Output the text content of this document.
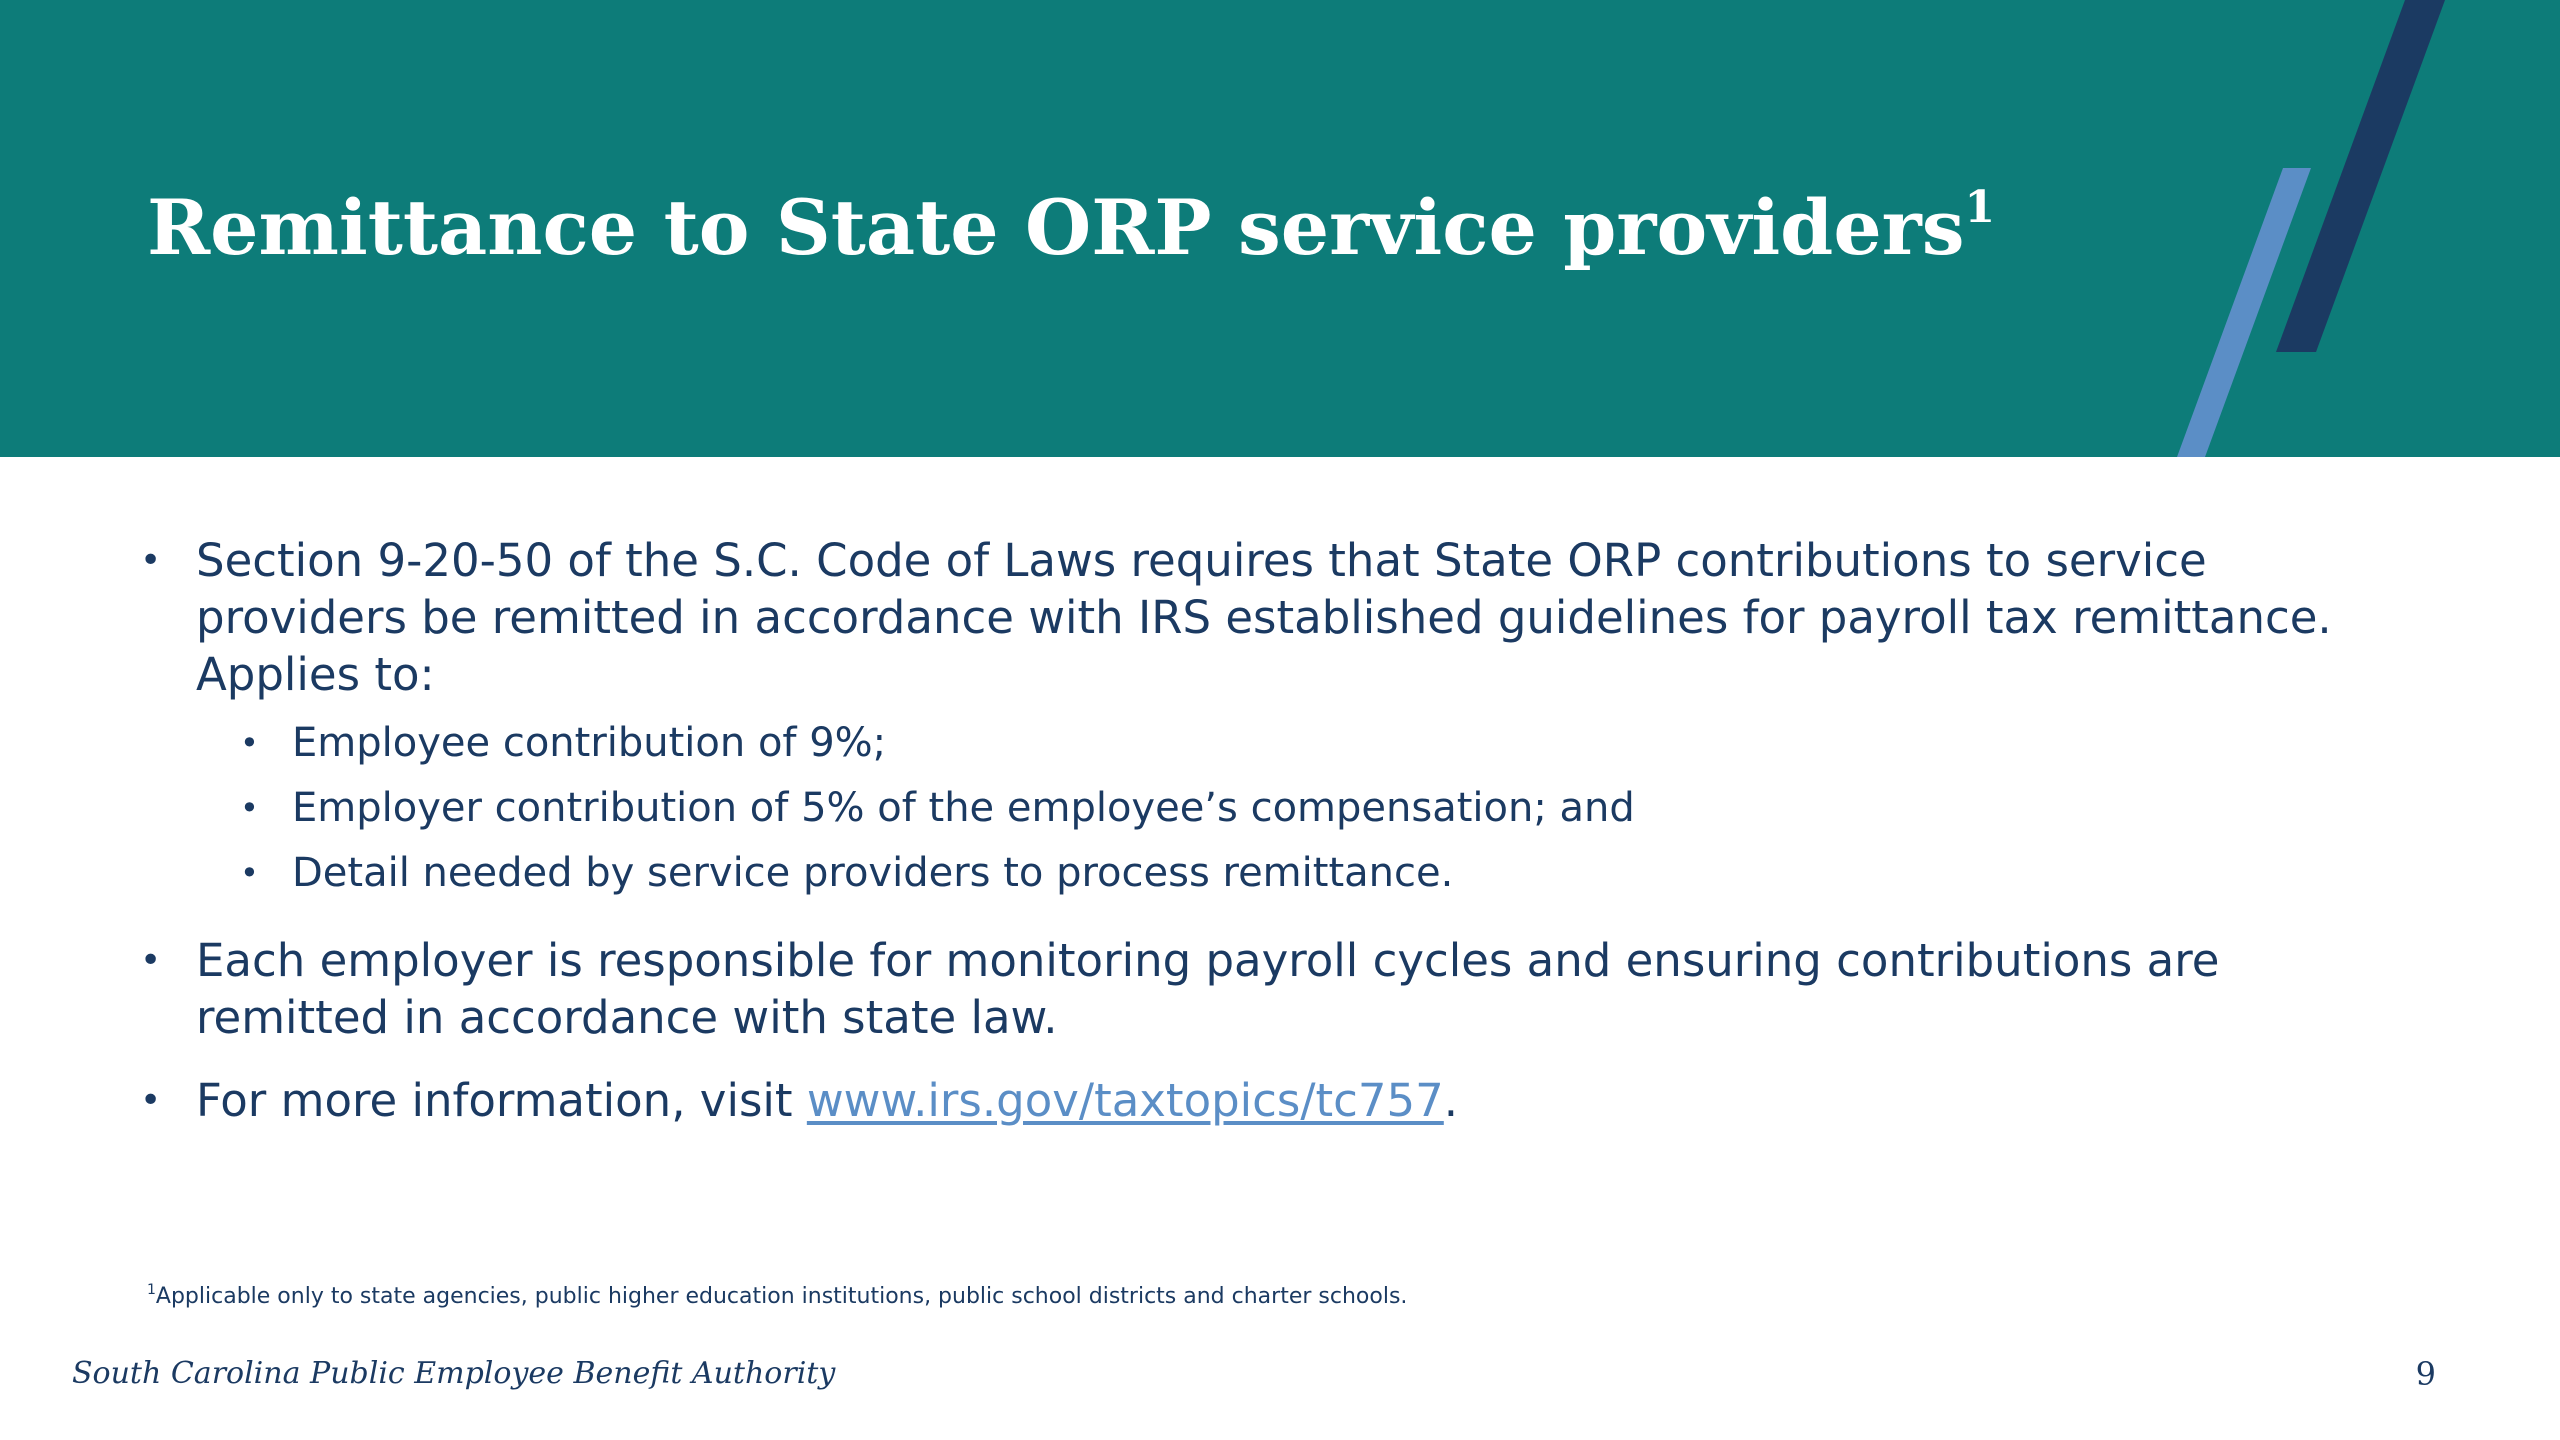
Remittance to State ORP service providers$^1$
• Section 9-20-50 of the S.C. Code of Laws requires that State ORP contributions to service providers be remitted in accordance with IRS established guidelines for payroll tax remittance. Applies to:
• Employee contribution of 9%;
• Employer contribution of 5% of the employee’s compensation; and
• Detail needed by service providers to process remittance.
• Each employer is responsible for monitoring payroll cycles and ensuring contributions are remitted in accordance with state law.
• For more information, visit www.irs.gov/taxtopics/tc757.
$^1$Applicable only to state agencies, public higher education institutions, public school districts and charter schools.
South Carolina Public Employee Benefit Authority	9
